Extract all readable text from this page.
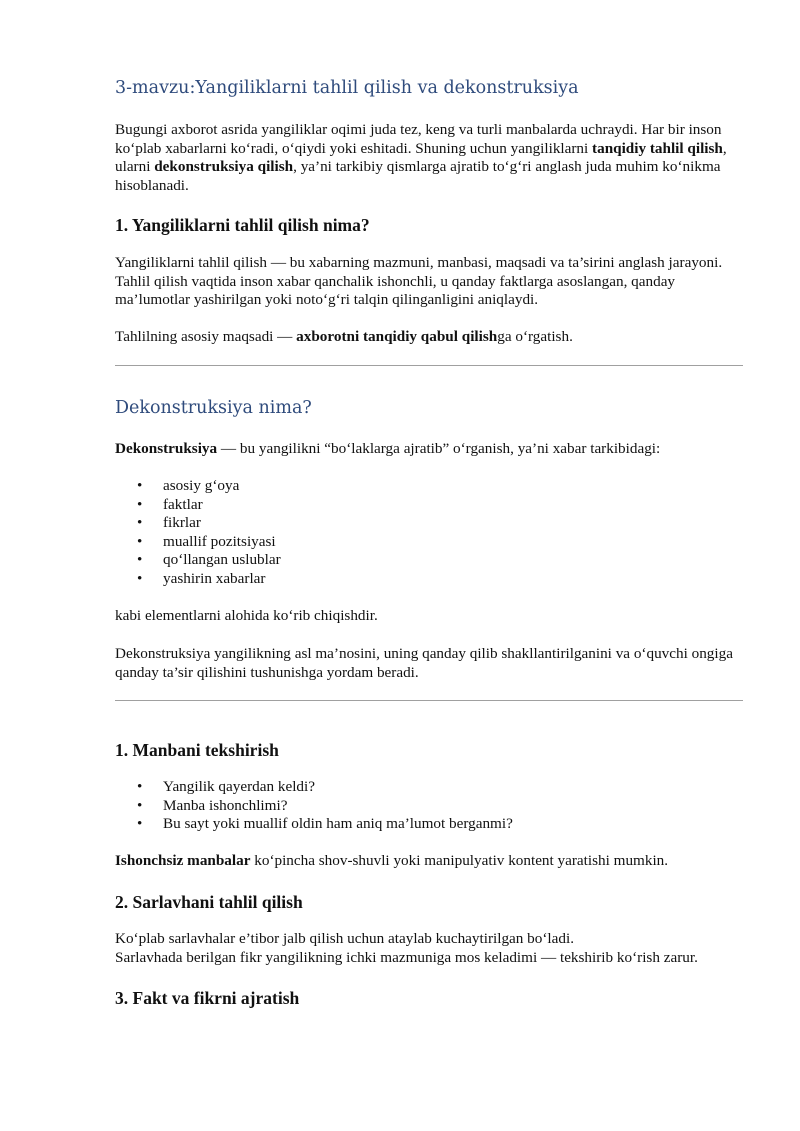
3-mavzu:Yangiliklarni tahlil qilish va dekonstruksiya

Bugungi axborot asrida yangiliklar oqimi juda tez, keng va turli manbalarda uchraydi. Har bir inson ko‘plab xabarlarni ko‘radi, o‘qiydi yoki eshitadi. Shuning uchun yangiliklarni tanqidiy tahlil qilish, ularni dekonstruksiya qilish, ya’ni tarkibiy qismlarga ajratib to‘g‘ri anglash juda muhim ko‘nikma hisoblanadi.

1. Yangiliklarni tahlil qilish nima?

Yangiliklarni tahlil qilish — bu xabarning mazmuni, manbasi, maqsadi va ta’sirini anglash jarayoni. Tahlil qilish vaqtida inson xabar qanchalik ishonchli, u qanday faktlarga asoslangan, qanday ma’lumotlar yashirilgan yoki noto‘g‘ri talqin qilinganligini aniqlaydi.

Tahlilning asosiy maqsadi — axborotni tanqidiy qabul qilishga o‘rgatish.

Dekonstruksiya nima?

Dekonstruksiya — bu yangilikni “bo‘laklarga ajratib” o‘rganish, ya’ni xabar tarkibidagi:

• asosiy g‘oya
• faktlar
• fikrlar
• muallif pozitsiyasi
• qo‘llangan uslublar
• yashirin xabarlar

kabi elementlarni alohida ko‘rib chiqishdir.

Dekonstruksiya yangilikning asl ma’nosini, uning qanday qilib shakllantirilganini va o‘quvchi ongiga qanday ta’sir qilishini tushunishga yordam beradi.

1. Manbani tekshirish
• Yangilik qayerdan keldi?
• Manba ishonchlimi?
• Bu sayt yoki muallif oldin ham aniq ma’lumot berganmi?

Ishonchsiz manbalar ko‘pincha shov-shuvli yoki manipulyativ kontent yaratishi mumkin.

2. Sarlavhani tahlil qilish

Ko‘plab sarlavhalar e’tibor jalb qilish uchun ataylab kuchaytirilgan bo‘ladi.
Sarlavhada berilgan fikr yangilikning ichki mazmuniga mos keladimi — tekshirib ko‘rish zarur.

3. Fakt va fikrni ajratish
